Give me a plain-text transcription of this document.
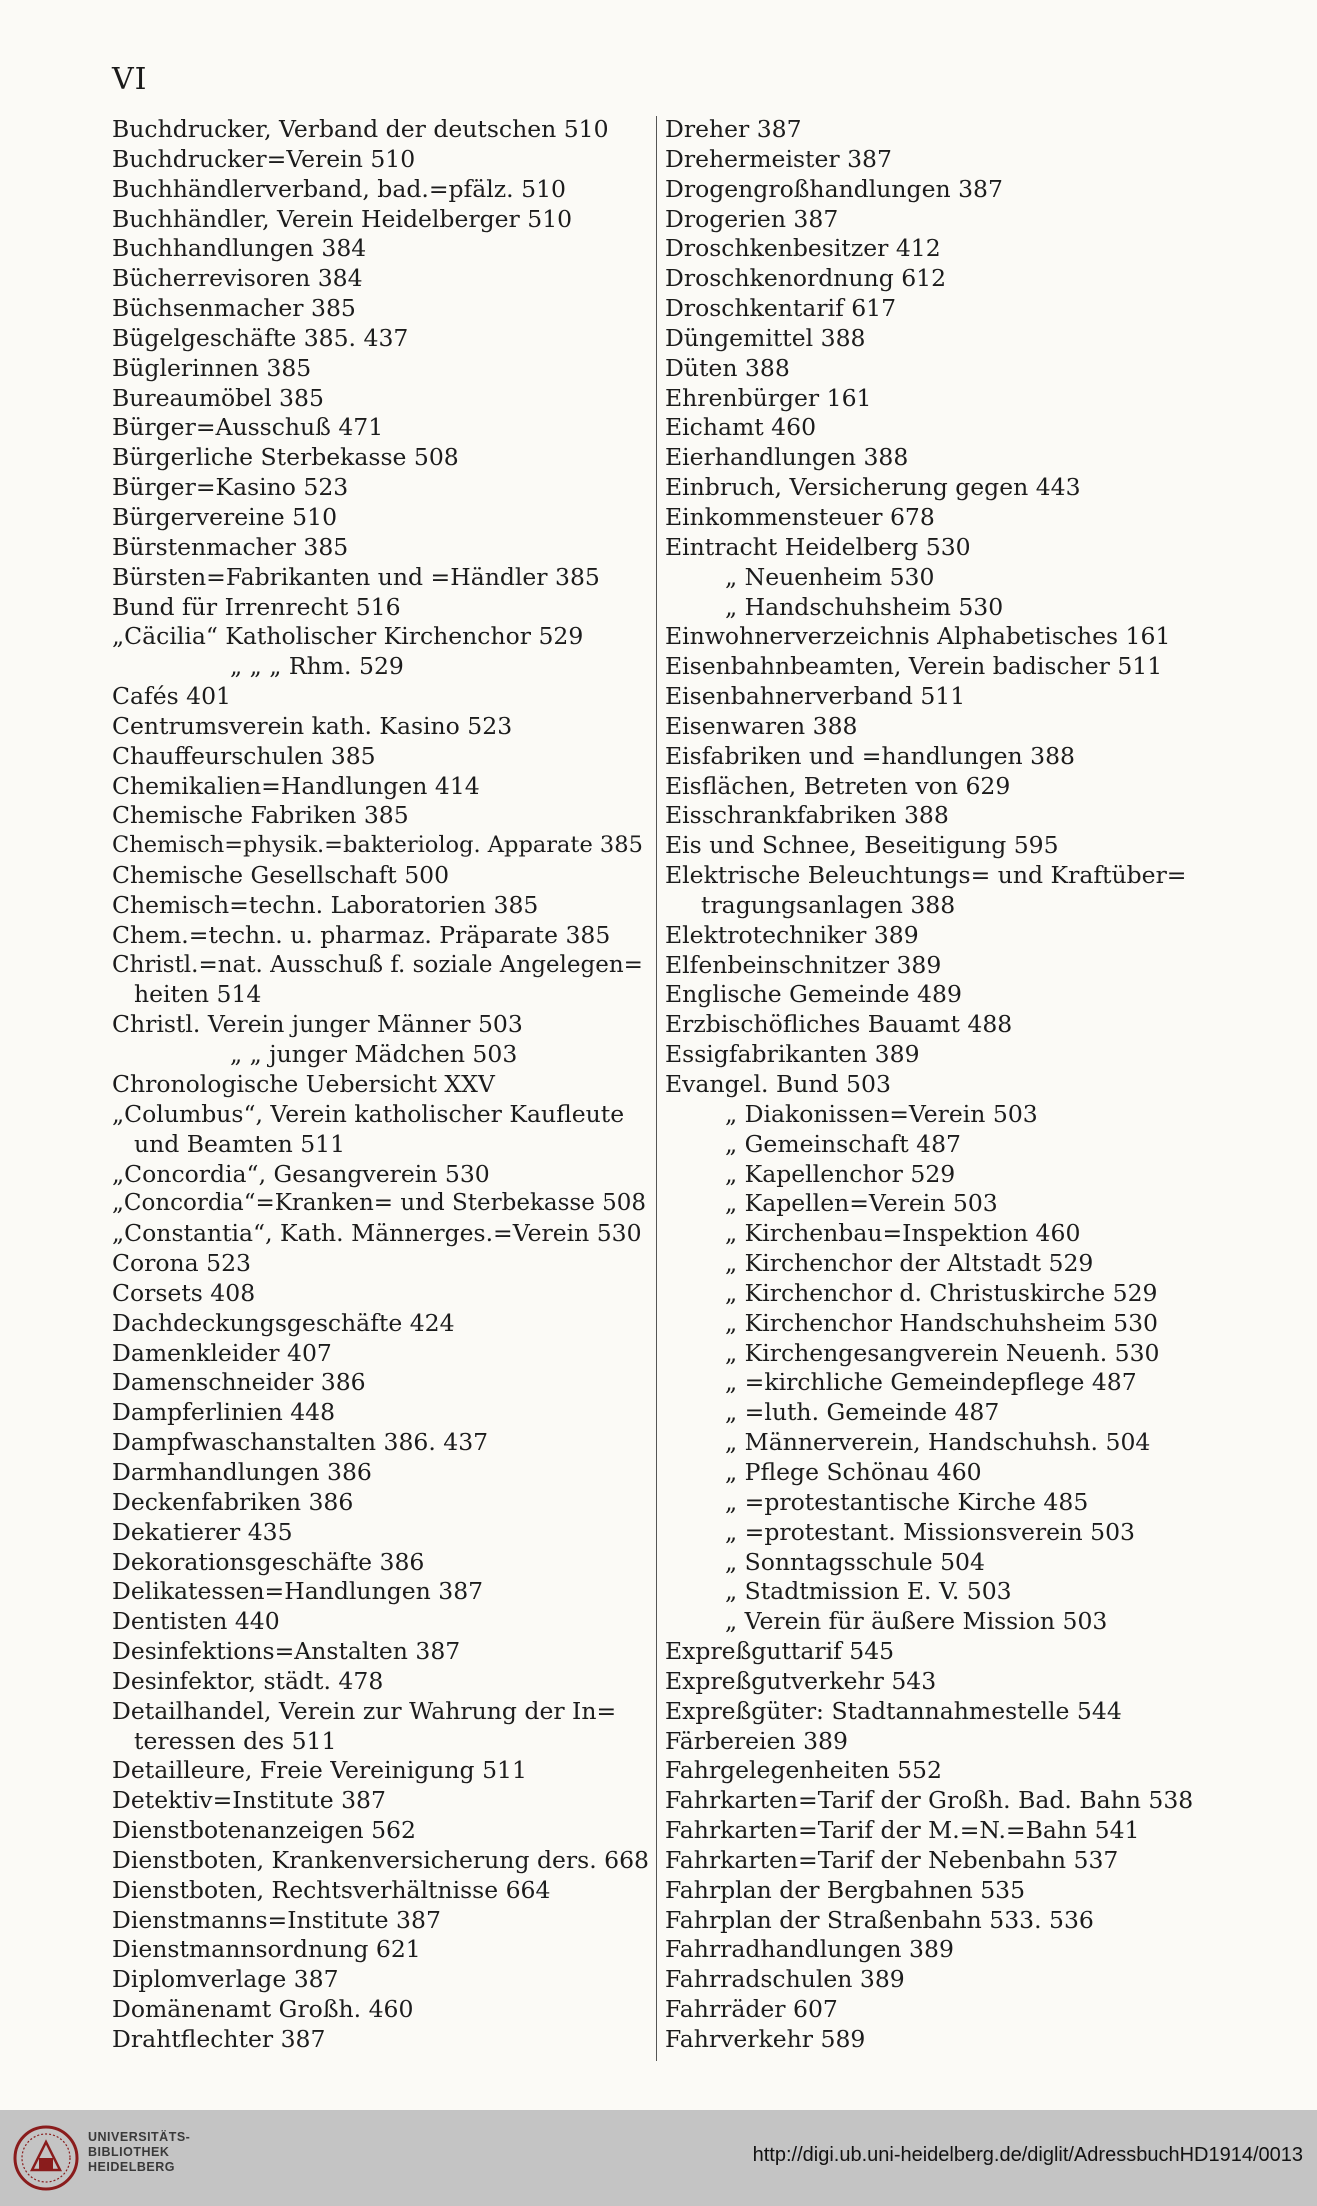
VI
Buchdrucker, Verband der deutschen 510
Buchdrucker=Verein 510
Buchhändlerverband, bad.=pfälz. 510
Buchhändler, Verein Heidelberger 510
Buchhandlungen 384
Bücherrevisoren 384
Büchsenmacher 385
Bügelgeschäfte 385. 437
Büglerinnen 385
Bureaumöbel 385
Bürger=Ausschuß 471
Bürgerliche Sterbekasse 508
Bürger=Kasino 523
Bürgervereine 510
Bürstenmacher 385
Bürsten=Fabrikanten und =Händler 385
Bund für Irrenrecht 516
„Cäcilia“ Katholischer Kirchenchor 529
„ „ „ Rhm. 529
Cafés 401
Centrumsverein kath. Kasino 523
Chauffeurschulen 385
Chemikalien=Handlungen 414
Chemische Fabriken 385
Chemisch=physik.=bakteriolog. Apparate 385
Chemische Gesellschaft 500
Chemisch=techn. Laboratorien 385
Chem.=techn. u. pharmaz. Präparate 385
Christl.=nat. Ausschuß f. soziale Angelegen=
heiten 514
Christl. Verein junger Männer 503
„ „ junger Mädchen 503
Chronologische Uebersicht XXV
„Columbus“, Verein katholischer Kaufleute
und Beamten 511
„Concordia“, Gesangverein 530
„Concordia“=Kranken= und Sterbekasse 508
„Constantia“, Kath. Männerges.=Verein 530
Corona 523
Corsets 408
Dachdeckungsgeschäfte 424
Damenkleider 407
Damenschneider 386
Dampferlinien 448
Dampfwaschanstalten 386. 437
Darmhandlungen 386
Deckenfabriken 386
Dekatierer 435
Dekorationsgeschäfte 386
Delikatessen=Handlungen 387
Dentisten 440
Desinfektions=Anstalten 387
Desinfektor, städt. 478
Detailhandel, Verein zur Wahrung der In=
teressen des 511
Detailleure, Freie Vereinigung 511
Detektiv=Institute 387
Dienstbotenanzeigen 562
Dienstboten, Krankenversicherung ders. 668
Dienstboten, Rechtsverhältnisse 664
Dienstmanns=Institute 387
Dienstmannsordnung 621
Diplomverlage 387
Domänenamt Großh. 460
Drahtflechter 387
Dreher 387
Drehermeister 387
Drogengroßhandlungen 387
Drogerien 387
Droschkenbesitzer 412
Droschkenordnung 612
Droschkentarif 617
Düngemittel 388
Düten 388
Ehrenbürger 161
Eichamt 460
Eierhandlungen 388
Einbruch, Versicherung gegen 443
Einkommensteuer 678
Eintracht Heidelberg 530
„ Neuenheim 530
„ Handschuhsheim 530
Einwohnerverzeichnis Alphabetisches 161
Eisenbahnbeamten, Verein badischer 511
Eisenbahnerverband 511
Eisenwaren 388
Eisfabriken und =handlungen 388
Eisflächen, Betreten von 629
Eisschrankfabriken 388
Eis und Schnee, Beseitigung 595
Elektrische Beleuchtungs= und Kraftüber=
tragungsanlagen 388
Elektrotechniker 389
Elfenbeinschnitzer 389
Englische Gemeinde 489
Erzbischöfliches Bauamt 488
Essigfabrikanten 389
Evangel. Bund 503
„ Diakonissen=Verein 503
„ Gemeinschaft 487
„ Kapellenchor 529
„ Kapellen=Verein 503
„ Kirchenbau=Inspektion 460
„ Kirchenchor der Altstadt 529
„ Kirchenchor d. Christuskirche 529
„ Kirchenchor Handschuhsheim 530
„ Kirchengesangverein Neuenh. 530
„ =kirchliche Gemeindepflege 487
„ =luth. Gemeinde 487
„ Männerverein, Handschuhsh. 504
„ Pflege Schönau 460
„ =protestantische Kirche 485
„ =protestant. Missionsverein 503
„ Sonntagsschule 504
„ Stadtmission E. V. 503
„ Verein für äußere Mission 503
Expreßguttarif 545
Expreßgutverkehr 543
Expreßgüter: Stadtannahmestelle 544
Färbereien 389
Fahrgelegenheiten 552
Fahrkarten=Tarif der Großh. Bad. Bahn 538
Fahrkarten=Tarif der M.=N.=Bahn 541
Fahrkarten=Tarif der Nebenbahn 537
Fahrplan der Bergbahnen 535
Fahrplan der Straßenbahn 533. 536
Fahrradhandlungen 389
Fahrradschulen 389
Fahrräder 607
Fahrverkehr 589
UNIVERSITÄTS-
BIBLIOTHEK
HEIDELBERG
http://digi.ub.uni-heidelberg.de/diglit/AdressbuchHD1914/0013
